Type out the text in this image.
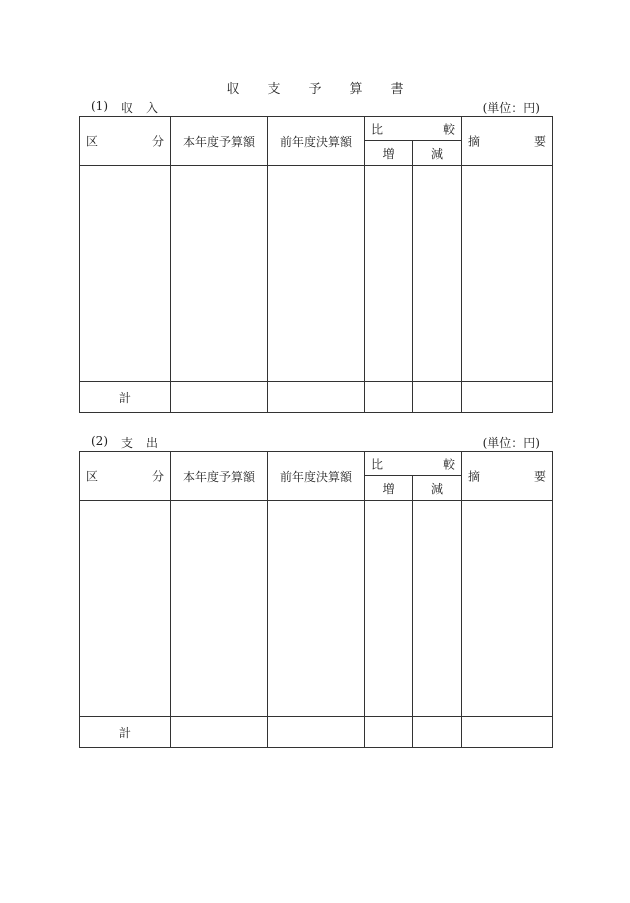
収 支 予 算 書
(1) 収 入	(単位：円)
区 分	本年度予算額	前年度決算額	比 較		摘 要

			増	減	

計					
(2) 支 出	(単位：円)
区 分	本年度予算額	前年度決算額	比 較		摘 要

			増	減	

計					
